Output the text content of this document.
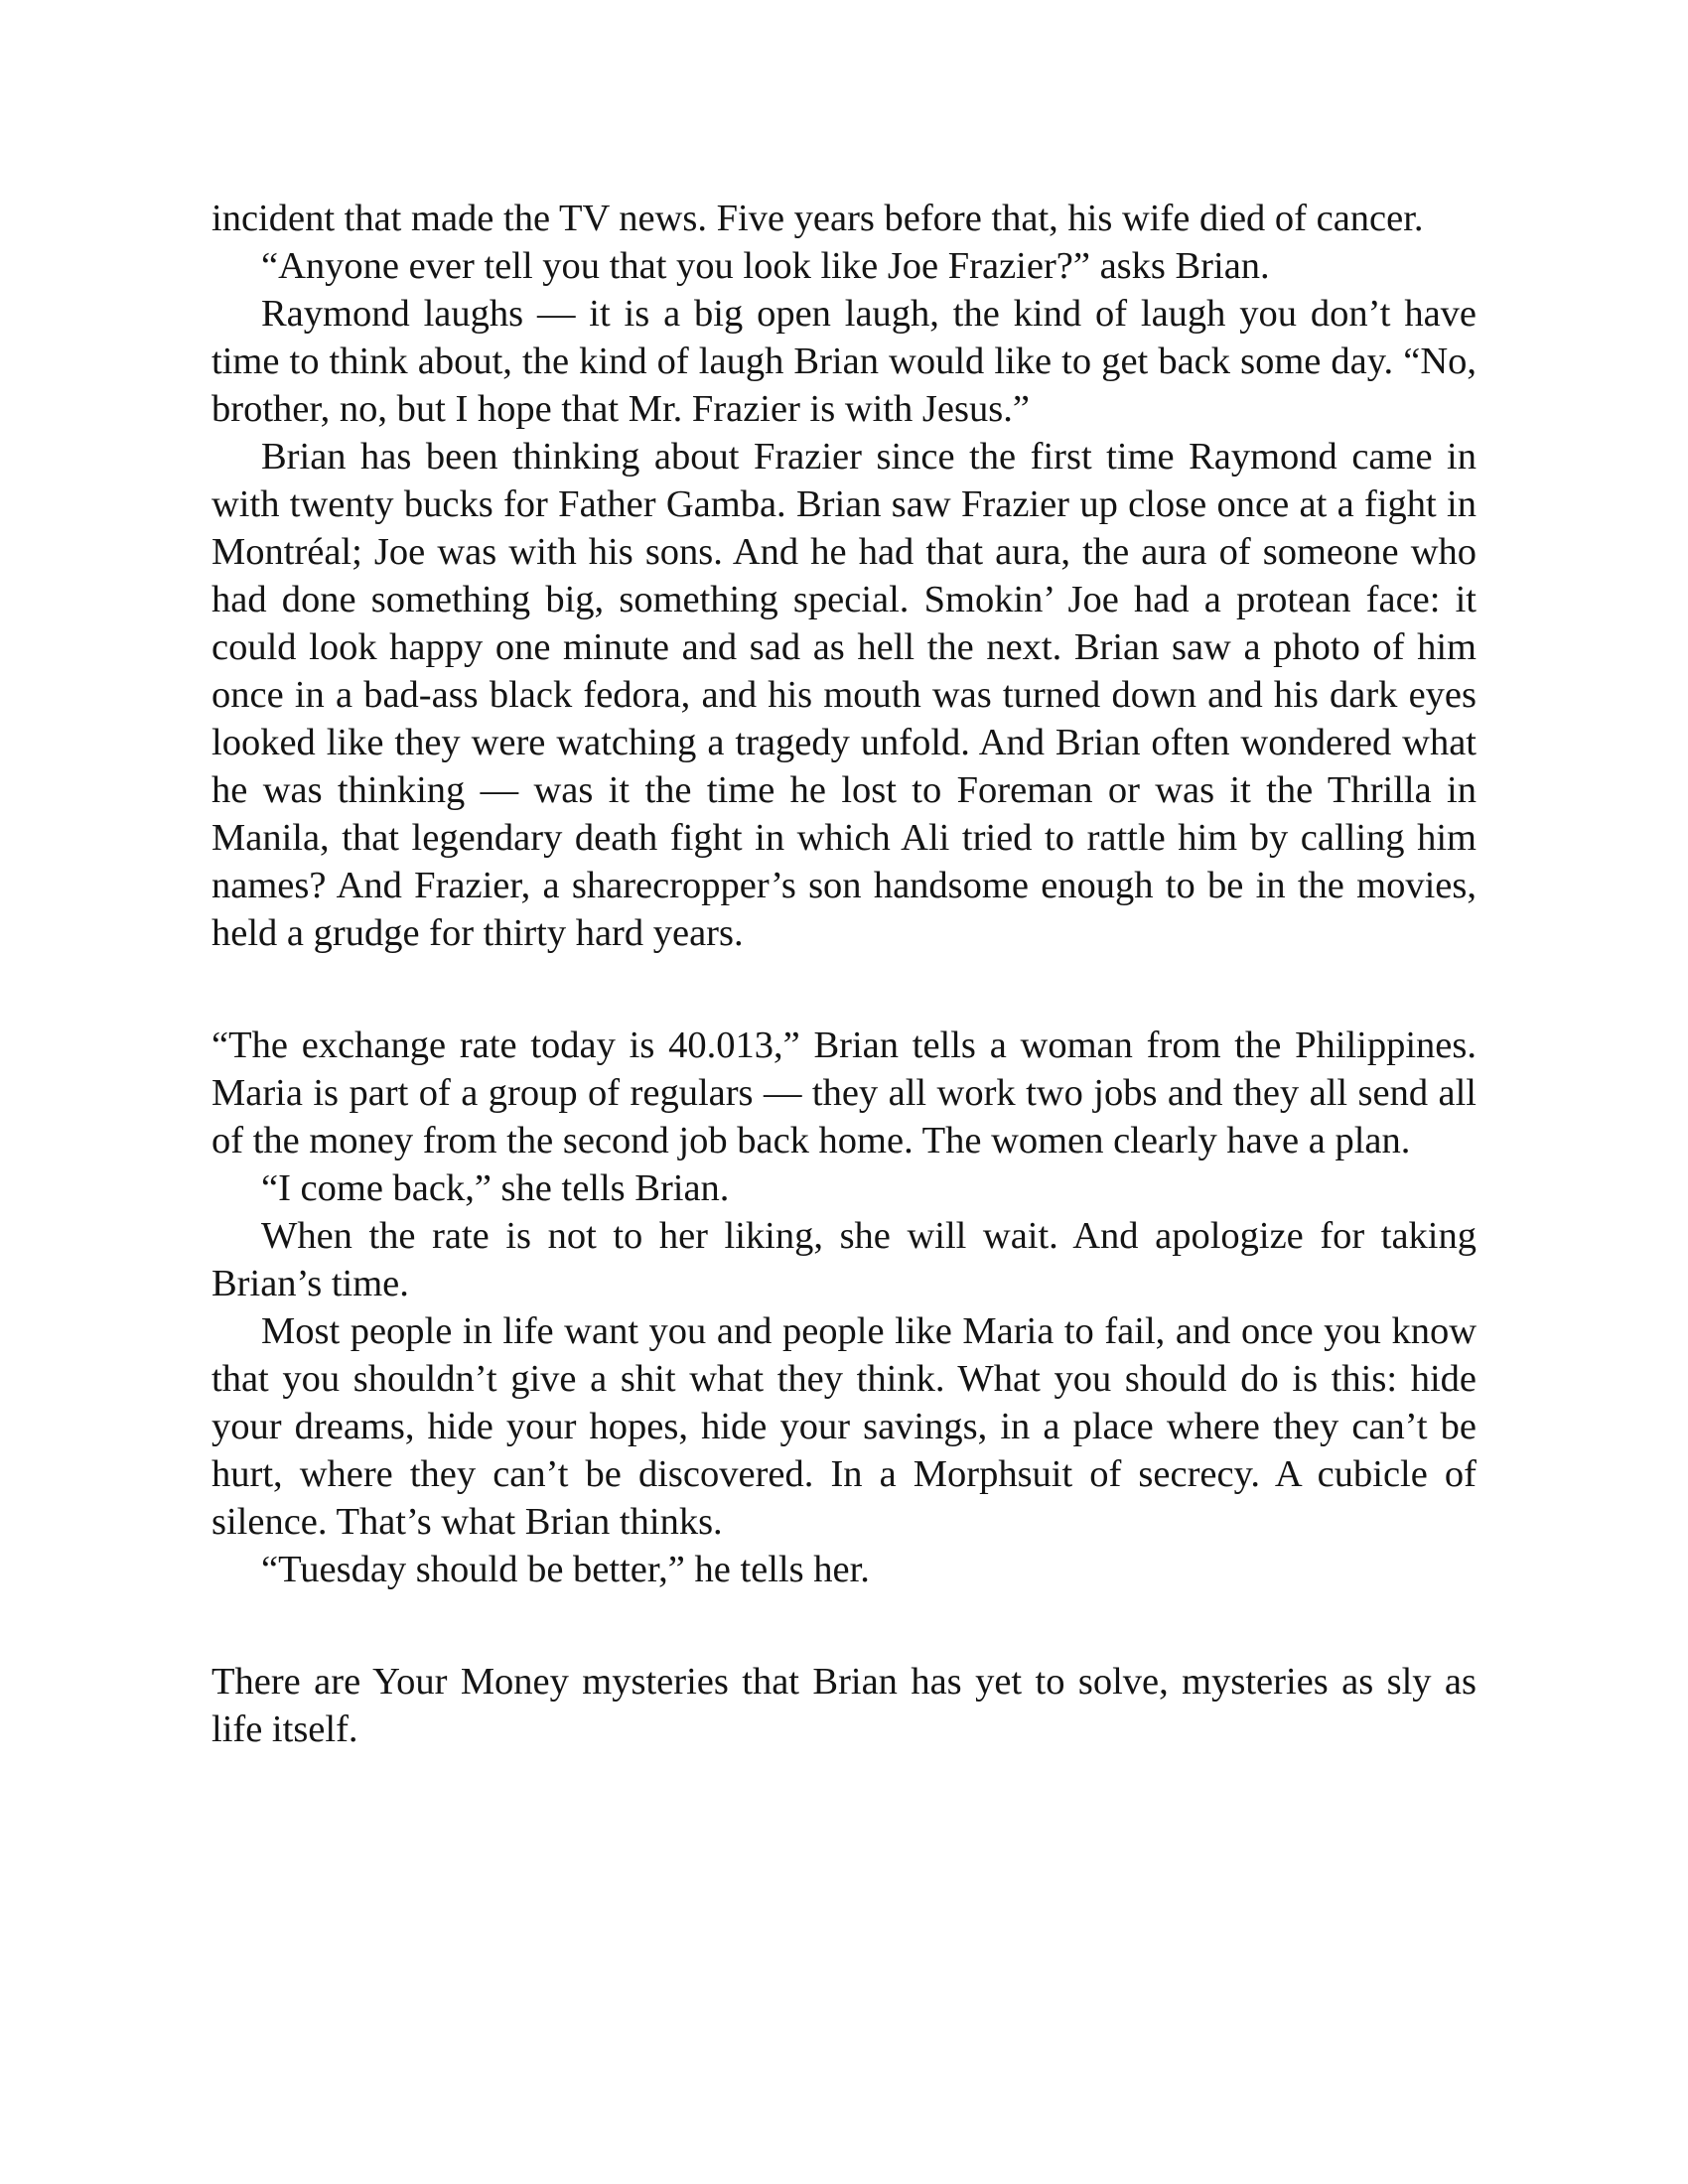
incident that made the TV news. Five years before that, his wife died of cancer.

“Anyone ever tell you that you look like Joe Frazier?” asks Brian.

Raymond laughs — it is a big open laugh, the kind of laugh you don’t have time to think about, the kind of laugh Brian would like to get back some day. “No, brother, no, but I hope that Mr. Frazier is with Jesus.”

Brian has been thinking about Frazier since the first time Raymond came in with twenty bucks for Father Gamba. Brian saw Frazier up close once at a fight in Montréal; Joe was with his sons. And he had that aura, the aura of someone who had done something big, something special. Smokin’ Joe had a protean face: it could look happy one minute and sad as hell the next. Brian saw a photo of him once in a bad-ass black fedora, and his mouth was turned down and his dark eyes looked like they were watching a tragedy unfold. And Brian often wondered what he was thinking — was it the time he lost to Foreman or was it the Thrilla in Manila, that legendary death fight in which Ali tried to rattle him by calling him names? And Frazier, a sharecropper’s son handsome enough to be in the movies, held a grudge for thirty hard years.

“The exchange rate today is 40.013,” Brian tells a woman from the Philippines. Maria is part of a group of regulars — they all work two jobs and they all send all of the money from the second job back home. The women clearly have a plan.

“I come back,” she tells Brian.

When the rate is not to her liking, she will wait. And apologize for taking Brian’s time.

Most people in life want you and people like Maria to fail, and once you know that you shouldn’t give a shit what they think. What you should do is this: hide your dreams, hide your hopes, hide your savings, in a place where they can’t be hurt, where they can’t be discovered. In a Morphsuit of secrecy. A cubicle of silence. That’s what Brian thinks.

“Tuesday should be better,” he tells her.

There are Your Money mysteries that Brian has yet to solve, mysteries as sly as life itself.
